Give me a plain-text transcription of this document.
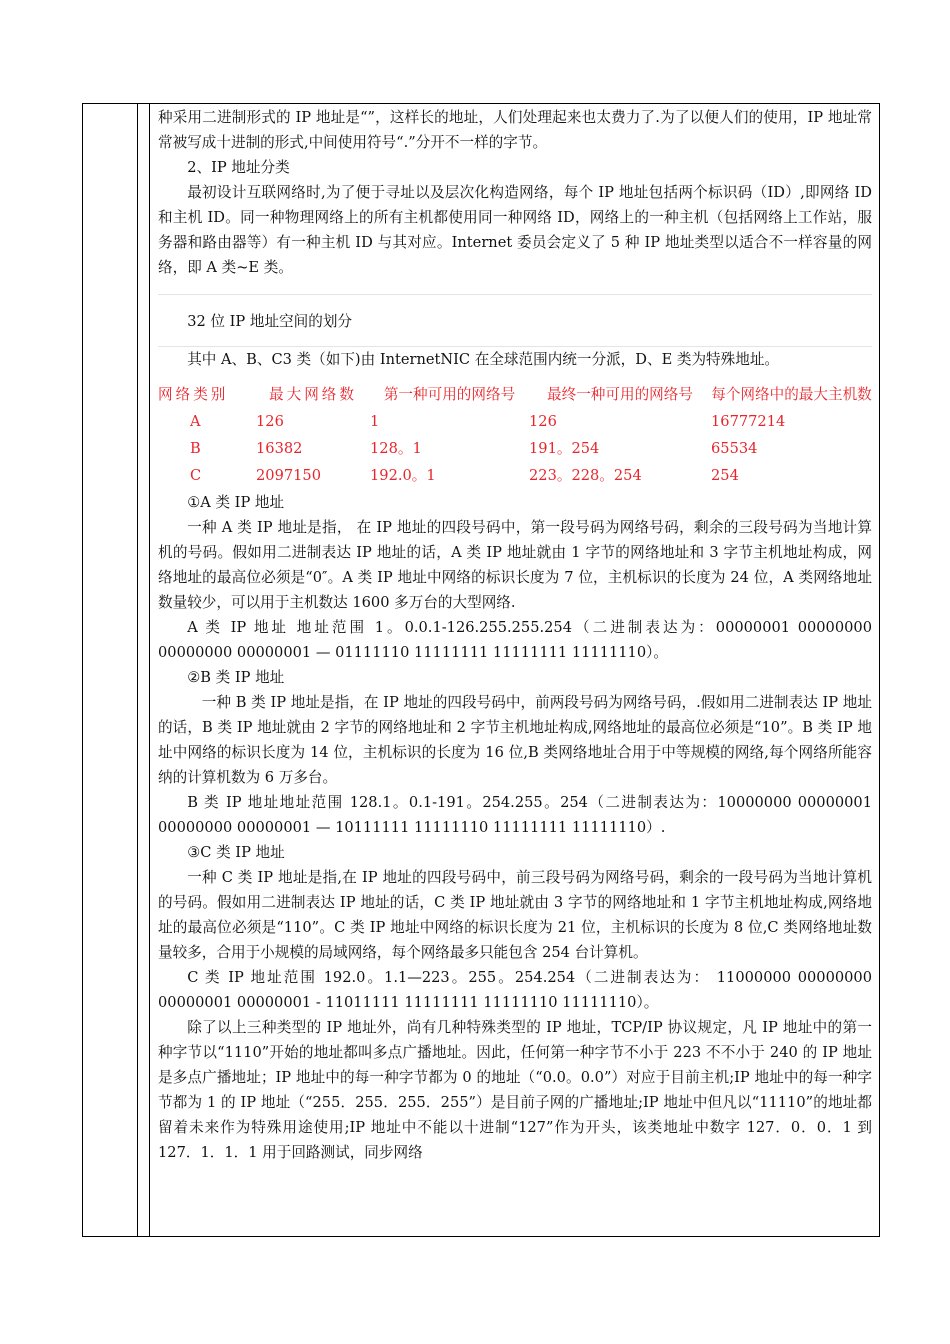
种采用二进制形式的 IP 地址是“”，这样长的地址，人们处理起来也太费力了.为了以便人们的使用，IP 地址常常被写成十进制的形式,中间使用符号“.”分开不一样的字节。

2、IP 地址分类

最初设计互联网络时,为了便于寻址以及层次化构造网络，每个 IP 地址包括两个标识码（ID）,即网络 ID 和主机 ID。同一种物理网络上的所有主机都使用同一种网络 ID，网络上的一种主机（包括网络上工作站，服务器和路由器等）有一种主机 ID 与其对应。Internet 委员会定义了 5 种 IP 地址类型以适合不一样容量的网络，即 A 类~E 类。

32 位 IP 地址空间的划分

其中 A、B、C3 类（如下)由 InternetNIC 在全球范围内统一分派，D、E 类为特殊地址。

网络类别	最大网络数	第一种可用的网络号	最终一种可用的网络号	每个网络中的最大主机数
A	126	1	126	16777214
B	16382	128。1	191。254	65534
C	2097150	192.0。1	223。228。254	254

①A 类 IP 地址

一种 A 类 IP 地址是指， 在 IP 地址的四段号码中，第一段号码为网络号码，剩余的三段号码为当地计算机的号码。假如用二进制表达 IP 地址的话，A 类 IP 地址就由 1 字节的网络地址和 3 字节主机地址构成，网络地址的最高位必须是“0″。A 类 IP 地址中网络的标识长度为 7 位，主机标识的长度为 24 位，A 类网络地址数量较少，可以用于主机数达 1600 多万台的大型网络.

A 类 IP 地址 地址范围 1。0.0.1-126.255.255.254（二进制表达为：00000001 00000000 00000000 00000001 — 01111110 11111111 11111111 11111110）。

②B 类 IP 地址

一种 B 类 IP 地址是指，在 IP 地址的四段号码中，前两段号码为网络号码，.假如用二进制表达 IP 地址的话，B 类 IP 地址就由 2 字节的网络地址和 2 字节主机地址构成,网络地址的最高位必须是“10”。B 类 IP 地址中网络的标识长度为 14 位，主机标识的长度为 16 位,B 类网络地址合用于中等规模的网络,每个网络所能容纳的计算机数为 6 万多台。

B 类 IP 地址地址范围 128.1。0.1-191。254.255。254（二进制表达为：10000000 00000001 00000000 00000001 — 10111111 11111110 11111111 11111110）.

③C 类 IP 地址

一种 C 类 IP 地址是指,在 IP 地址的四段号码中，前三段号码为网络号码，剩余的一段号码为当地计算机的号码。假如用二进制表达 IP 地址的话，C 类 IP 地址就由 3 字节的网络地址和 1 字节主机地址构成,网络地址的最高位必须是“110”。C 类 IP 地址中网络的标识长度为 21 位，主机标识的长度为 8 位,C 类网络地址数量较多，合用于小规模的局域网络，每个网络最多只能包含 254 台计算机。

C 类 IP 地址范围 192.0。1.1—223。255。254.254（二进制表达为： 11000000 00000000 00000001 00000001 - 11011111 11111111 11111110 11111110）。

除了以上三种类型的 IP 地址外，尚有几种特殊类型的 IP 地址，TCP/IP 协议规定，凡 IP 地址中的第一种字节以“1110”开始的地址都叫多点广播地址。因此，任何第一种字节不小于 223 不不小于 240 的 IP 地址是多点广播地址；IP 地址中的每一种字节都为 0 的地址（“0.0。0.0”）对应于目前主机;IP 地址中的每一种字节都为 1 的 IP 地址（“255．255．255．255”）是目前子网的广播地址;IP 地址中但凡以“11110”的地址都留着未来作为特殊用途使用;IP 地址中不能以十进制“127”作为开头，该类地址中数字 127．0．0．1 到 127．1．1．1 用于回路测试，同步网络
